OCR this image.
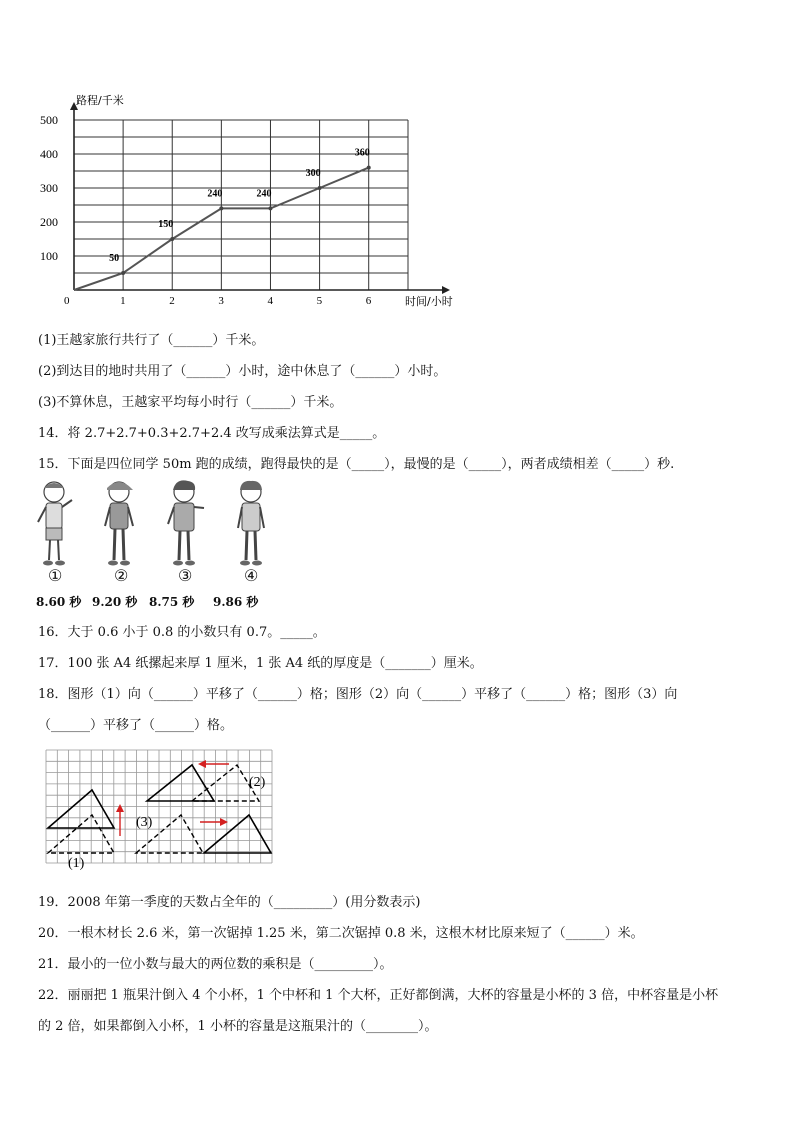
0	1	2	3	4	5	6
100
200
300
400
500
50
150
240	240
300
360
路程/千米
时间/小时
(1)王越家旅行共行了（______）千米。
(2)到达目的地时共用了（______）小时，途中休息了（______）小时。
(3)不算休息，王越家平均每小时行（______）千米。
14．将 2.7+2.7+0.3+2.7+2.4 改写成乘法算式是_____。
15．下面是四位同学 50m 跑的成绩，跑得最快的是（_____），最慢的是（_____），两者成绩相差（_____）秒.
①	②	③	④
8.60 秒 9.20 秒 8.75 秒 9.86 秒
16．大于 0.6 小于 0.8 的小数只有 0.7。_____。
17．100 张 A4 纸摞起来厚 1 厘米，1 张 A4 纸的厚度是（_______）厘米。
18．图形（1）向（______）平移了（______）格；图形（2）向（______）平移了（______）格；图形（3）向
（______）平移了（______）格。
(1)
(2)
(3)
19．2008 年第一季度的天数占全年的（_________）(用分数表示)
20．一根木材长 2.6 米，第一次锯掉 1.25 米，第二次锯掉 0.8 米，这根木材比原来短了（______）米。
21．最小的一位小数与最大的两位数的乘积是（_________）。
22．丽丽把 1 瓶果汁倒入 4 个小杯，1 个中杯和 1 个大杯，正好都倒满，大杯的容量是小杯的 3 倍，中杯容量是小杯
的 2 倍，如果都倒入小杯，1 小杯的容量是这瓶果汁的（________）。
